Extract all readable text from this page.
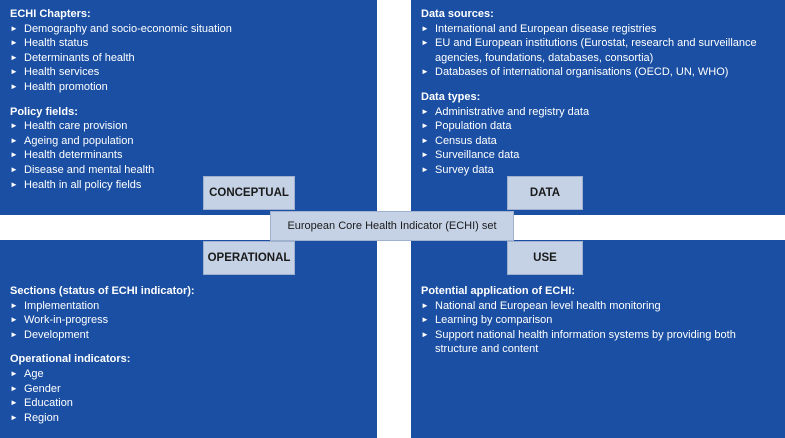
ECHI Chapters:

► Demography and socio-economic situation
► Health status
► Determinants of health
► Health services
► Health promotion

Policy fields:

► Health care provision
► Ageing and population
► Health determinants
► Disease and mental health
► Health in all policy fields

Data sources:

► International and European disease registries
► EU and European institutions (Eurostat, research and surveillance agencies, foundations, databases, consortia)
► Databases of international organisations (OECD, UN, WHO)

Data types:

► Administrative and registry data
► Population data
► Census data
► Surveillance data
► Survey data

Sections (status of ECHI indicator):

► Implementation
► Work-in-progress
► Development

Operational indicators:

► Age
► Gender
► Education
► Region

Potential application of ECHI:

► National and European level health monitoring
► Learning by comparison
► Support national health information systems by providing both structure and content
CONCEPTUAL	DATA
OPERATIONAL	USE
European Core Health Indicator (ECHI) set
